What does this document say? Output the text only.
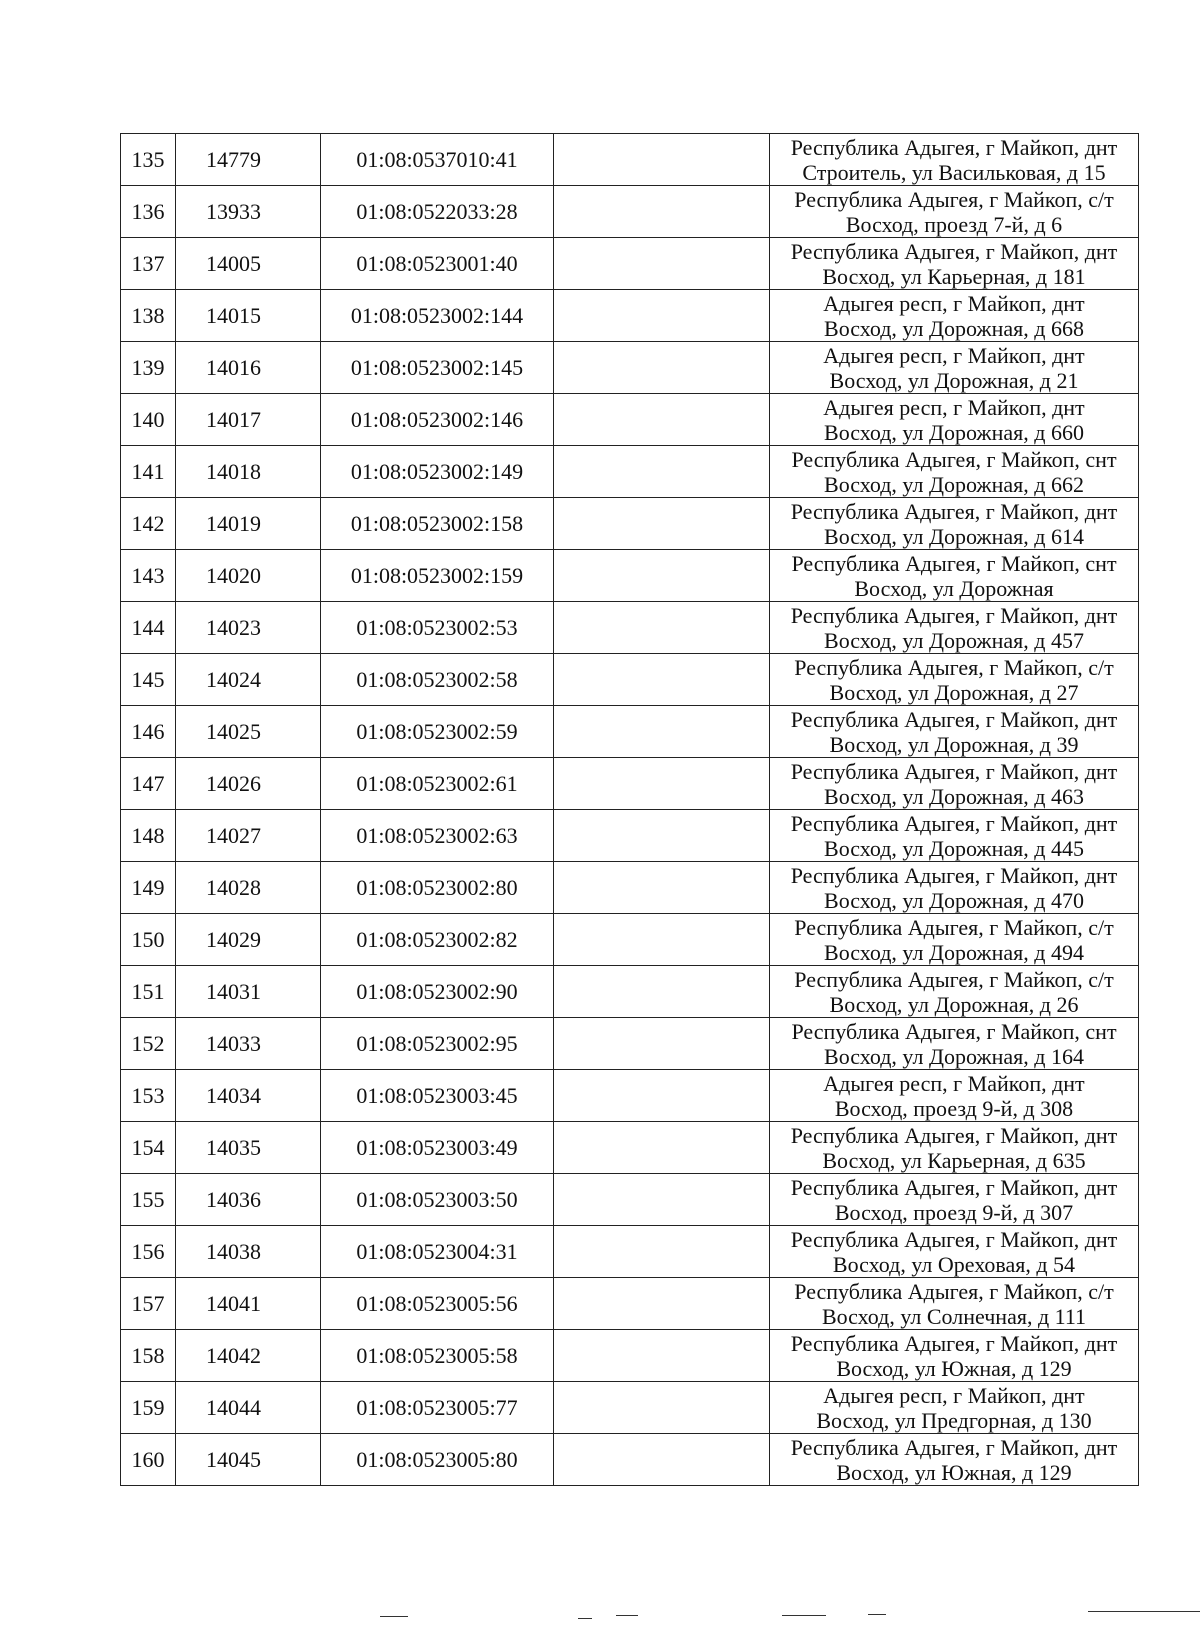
135	14779	01:08:0537010:41		Республика Адыгея, г Майкоп, днт
Строитель, ул Васильковая, д 15

136	13933	01:08:0522033:28		Республика Адыгея, г Майкоп, с/т
Восход, проезд 7-й, д 6

137	14005	01:08:0523001:40		Республика Адыгея, г Майкоп, днт
Восход, ул Карьерная, д 181

138	14015	01:08:0523002:144		Адыгея респ, г Майкоп, днт
Восход, ул Дорожная, д 668

139	14016	01:08:0523002:145		Адыгея респ, г Майкоп, днт
Восход, ул Дорожная, д 21

140	14017	01:08:0523002:146		Адыгея респ, г Майкоп, днт
Восход, ул Дорожная, д 660

141	14018	01:08:0523002:149		Республика Адыгея, г Майкоп, снт
Восход, ул Дорожная, д 662

142	14019	01:08:0523002:158		Республика Адыгея, г Майкоп, днт
Восход, ул Дорожная, д 614

143	14020	01:08:0523002:159		Республика Адыгея, г Майкоп, снт
Восход, ул Дорожная

144	14023	01:08:0523002:53		Республика Адыгея, г Майкоп, днт
Восход, ул Дорожная, д 457

145	14024	01:08:0523002:58		Республика Адыгея, г Майкоп, с/т
Восход, ул Дорожная, д 27

146	14025	01:08:0523002:59		Республика Адыгея, г Майкоп, днт
Восход, ул Дорожная, д 39

147	14026	01:08:0523002:61		Республика Адыгея, г Майкоп, днт
Восход, ул Дорожная, д 463

148	14027	01:08:0523002:63		Республика Адыгея, г Майкоп, днт
Восход, ул Дорожная, д 445

149	14028	01:08:0523002:80		Республика Адыгея, г Майкоп, днт
Восход, ул Дорожная, д 470

150	14029	01:08:0523002:82		Республика Адыгея, г Майкоп, с/т
Восход, ул Дорожная, д 494

151	14031	01:08:0523002:90		Республика Адыгея, г Майкоп, с/т
Восход, ул Дорожная, д 26

152	14033	01:08:0523002:95		Республика Адыгея, г Майкоп, снт
Восход, ул Дорожная, д 164

153	14034	01:08:0523003:45		Адыгея респ, г Майкоп, днт
Восход, проезд 9-й, д 308

154	14035	01:08:0523003:49		Республика Адыгея, г Майкоп, днт
Восход, ул Карьерная, д 635

155	14036	01:08:0523003:50		Республика Адыгея, г Майкоп, днт
Восход, проезд 9-й, д 307

156	14038	01:08:0523004:31		Республика Адыгея, г Майкоп, днт
Восход, ул Ореховая, д 54

157	14041	01:08:0523005:56		Республика Адыгея, г Майкоп, с/т
Восход, ул Солнечная, д 111

158	14042	01:08:0523005:58		Республика Адыгея, г Майкоп, днт
Восход, ул Южная, д 129

159	14044	01:08:0523005:77		Адыгея респ, г Майкоп, днт
Восход, ул Предгорная, д 130

160	14045	01:08:0523005:80		Республика Адыгея, г Майкоп, днт
Восход, ул Южная, д 129
